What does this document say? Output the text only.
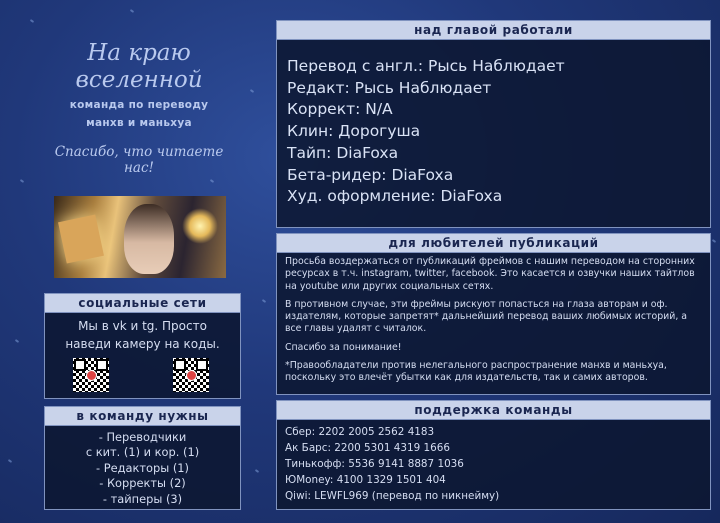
На краю
вселенной
команда по переводу
манхв и маньхуа
Спасибо, что читаете нас!
над главой работали
Перевод с англ.: Рысь Наблюдает
Редакт: Рысь Наблюдает
Коррект: N/A
Клин: Дорогуша
Тайп: DiaFoxa
Бета-ридер: DiaFoxa
Худ. оформление: DiaFoxa
для любителей публикаций

Просьба воздержаться от публикаций фреймов с нашим переводом на сторонних ресурсах в т.ч. instagram, twitter, facebook. Это касается и озвучки наших тайтлов на youtube или других социальных сетях.

В противном случае, эти фреймы рискуют попасться на глаза авторам и оф. издателям, которые запретят* дальнейший перевод ваших любимых историй, а все главы удалят с читалок.

Спасибо за понимание!

*Правообладатели против нелегального распространение манхв и маньхуа, поскольку это влечёт убытки как для издательств, так и самих авторов.

поддержка команды
Сбер: 2202 2005 2562 4183
Ак Барс: 2200 5301 4319 1666
Тинькофф: 5536 9141 8887 1036
ЮMoney: 4100 1329 1501 404
Qiwi: LEWFL969 (перевод по никнейму)
социальные сети
Мы в vk и tg. Просто
наведи камеру на коды.
в команду нужны
- Переводчики
с кит. (1) и кор. (1)
- Редакторы (1)
- Корректы (2)
- тайперы (3)
